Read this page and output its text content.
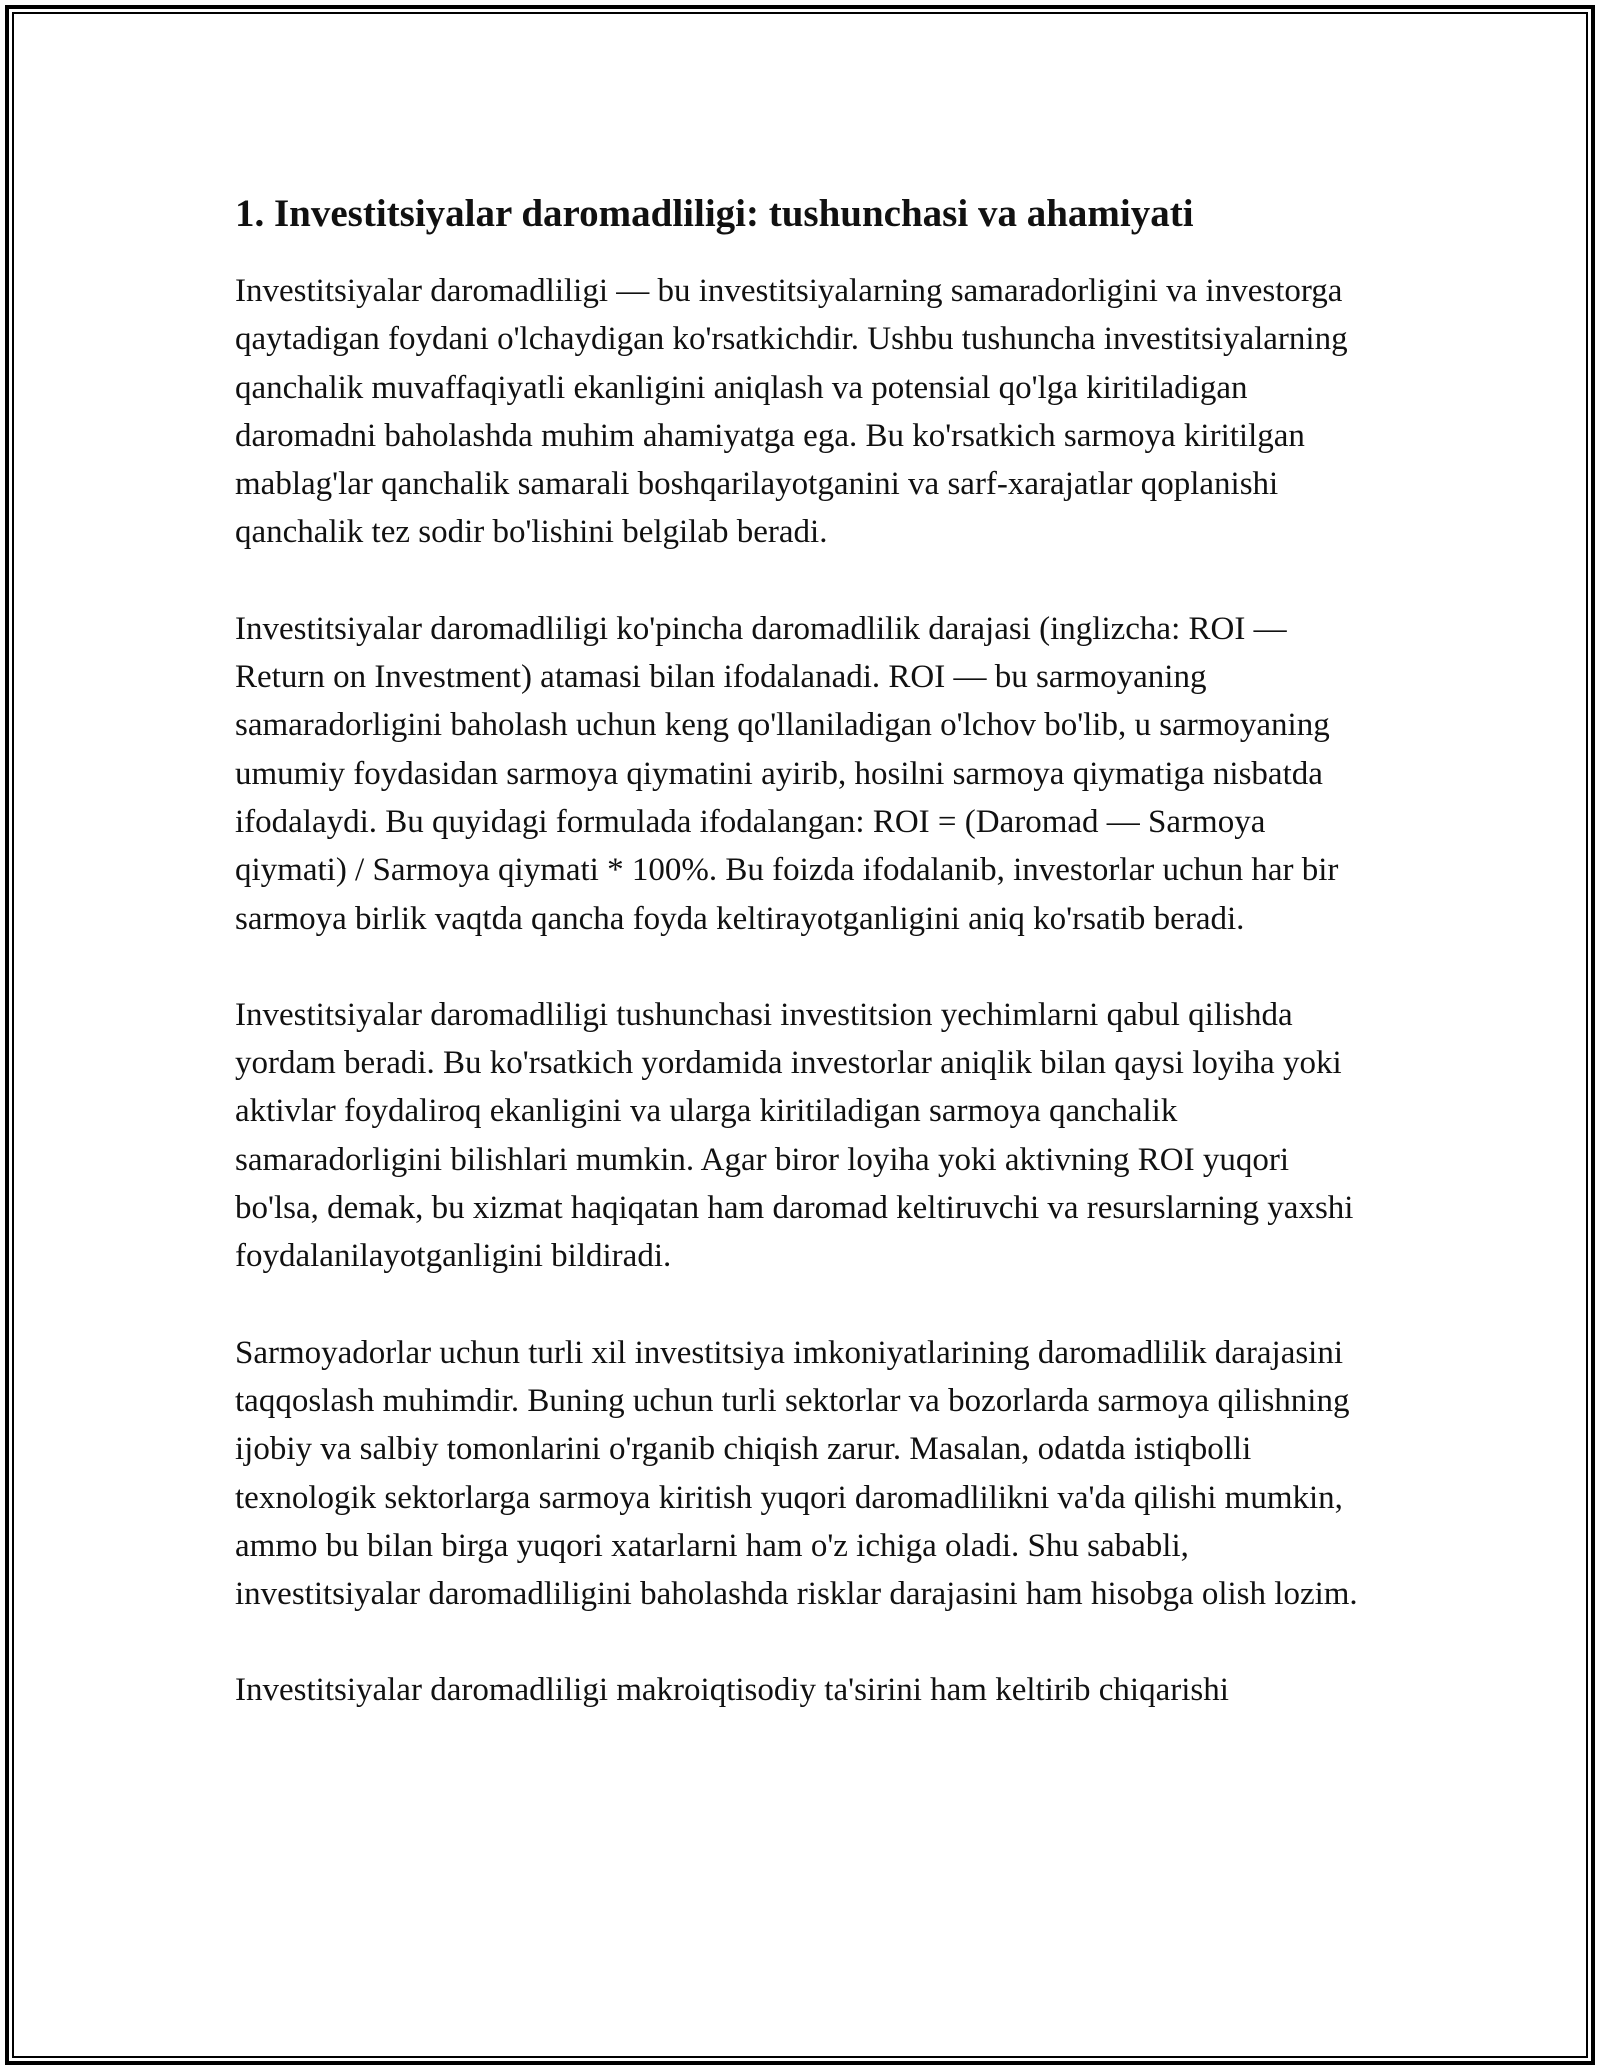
1. Investitsiyalar daromadliligi: tushunchasi va ahamiyati

Investitsiyalar daromadliligi — bu investitsiyalarning samaradorligini va investorga qaytadigan foydani o'lchaydigan ko'rsatkichdir. Ushbu tushuncha investitsiyalarning qanchalik muvaffaqiyatli ekanligini aniqlash va potensial qo'lga kiritiladigan daromadni baholashda muhim ahamiyatga ega. Bu ko'rsatkich sarmoya kiritilgan mablag'lar qanchalik samarali boshqarilayotganini va sarf-xarajatlar qoplanishi qanchalik tez sodir bo'lishini belgilab beradi.

Investitsiyalar daromadliligi ko'pincha daromadlilik darajasi (inglizcha: ROI — Return on Investment) atamasi bilan ifodalanadi. ROI — bu sarmoyaning samaradorligini baholash uchun keng qo'llaniladigan o'lchov bo'lib, u sarmoyaning umumiy foydasidan sarmoya qiymatini ayirib, hosilni sarmoya qiymatiga nisbatda ifodalaydi. Bu quyidagi formulada ifodalangan: ROI = (Daromad — Sarmoya qiymati) / Sarmoya qiymati * 100%. Bu foizda ifodalanib, investorlar uchun har bir sarmoya birlik vaqtda qancha foyda keltirayotganligini aniq ko'rsatib beradi.

Investitsiyalar daromadliligi tushunchasi investitsion yechimlarni qabul qilishda yordam beradi. Bu ko'rsatkich yordamida investorlar aniqlik bilan qaysi loyiha yoki aktivlar foydaliroq ekanligini va ularga kiritiladigan sarmoya qanchalik samaradorligini bilishlari mumkin. Agar biror loyiha yoki aktivning ROI yuqori bo'lsa, demak, bu xizmat haqiqatan ham daromad keltiruvchi va resurslarning yaxshi foydalanilayotganligini bildiradi.

Sarmoyadorlar uchun turli xil investitsiya imkoniyatlarining daromadlilik darajasini taqqoslash muhimdir. Buning uchun turli sektorlar va bozorlarda sarmoya qilishning ijobiy va salbiy tomonlarini o'rganib chiqish zarur. Masalan, odatda istiqbolli texnologik sektorlarga sarmoya kiritish yuqori daromadlilikni va'da qilishi mumkin, ammo bu bilan birga yuqori xatarlarni ham o'z ichiga oladi. Shu sababli, investitsiyalar daromadliligini baholashda risklar darajasini ham hisobga olish lozim.

Investitsiyalar daromadliligi makroiqtisodiy ta'sirini ham keltirib chiqarishi
